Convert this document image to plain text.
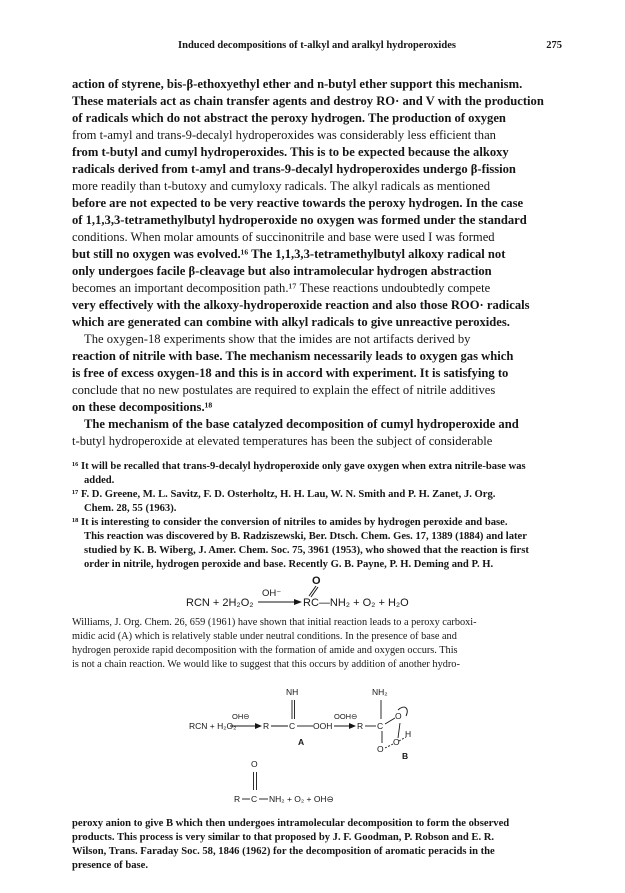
Induced decompositions of t-alkyl and aralkyl hydroperoxides	275
action of styrene, bis-β-ethoxyethyl ether and n-butyl ether support this mechanism.
These materials act as chain transfer agents and destroy RO· and V with the production
of radicals which do not abstract the peroxy hydrogen. The production of oxygen
from t-amyl and trans-9-decalyl hydroperoxides was considerably less efficient than
from t-butyl and cumyl hydroperoxides. This is to be expected because the alkoxy
radicals derived from t-amyl and trans-9-decalyl hydroperoxides undergo β-fission
more readily than t-butoxy and cumyloxy radicals. The alkyl radicals as mentioned
before are not expected to be very reactive towards the peroxy hydrogen. In the case
of 1,1,3,3-tetramethylbutyl hydroperoxide no oxygen was formed under the standard
conditions. When molar amounts of succinonitrile and base were used I was formed
but still no oxygen was evolved.¹⁶ The 1,1,3,3-tetramethylbutyl alkoxy radical not
only undergoes facile β-cleavage but also intramolecular hydrogen abstraction
becomes an important decomposition path.¹⁷ These reactions undoubtedly compete
very effectively with the alkoxy-hydroperoxide reaction and also those ROO· radicals
which are generated can combine with alkyl radicals to give unreactive peroxides.
The oxygen-18 experiments show that the imides are not artifacts derived by
reaction of nitrile with base. The mechanism necessarily leads to oxygen gas which
is free of excess oxygen-18 and this is in accord with experiment. It is satisfying to
conclude that no new postulates are required to explain the effect of nitrile additives
on these decompositions.¹⁸
The mechanism of the base catalyzed decomposition of cumyl hydroperoxide and
t-butyl hydroperoxide at elevated temperatures has been the subject of considerable
¹⁶ It will be recalled that trans-9-decalyl hydroperoxide only gave oxygen when extra nitrile-base was
added.
¹⁷ F. D. Greene, M. L. Savitz, F. D. Osterholtz, H. H. Lau, W. N. Smith and P. H. Zanet, J. Org.
Chem. 28, 55 (1963).
¹⁸ It is interesting to consider the conversion of nitriles to amides by hydrogen peroxide and base.
This reaction was discovered by B. Radziszewski, Ber. Dtsch. Chem. Ges. 17, 1389 (1884) and later
studied by K. B. Wiberg, J. Amer. Chem. Soc. 75, 3961 (1953), who showed that the reaction is first
order in nitrile, hydrogen peroxide and base. Recently G. B. Payne, P. H. Deming and P. H.
O
RCN + 2H₂O₂
OH⁻
RC—NH₂ + O₂ + H₂O
RCN + H₂O₂
OH⊖
R C
NH
OOH
OOH⊖
A
R C
NH₂
O
O
O
H
B
O
R C NH₂ + O₂ + OH⊖
Williams, J. Org. Chem. 26, 659 (1961) have shown that initial reaction leads to a peroxy carboxi-
midic acid (A) which is relatively stable under neutral conditions. In the presence of base and
hydrogen peroxide rapid decomposition with the formation of amide and oxygen occurs. This
is not a chain reaction. We would like to suggest that this occurs by addition of another hydro-
peroxy anion to give B which then undergoes intramolecular decomposition to form the observed
products. This process is very similar to that proposed by J. F. Goodman, P. Robson and E. R.
Wilson, Trans. Faraday Soc. 58, 1846 (1962) for the decomposition of aromatic peracids in the
presence of base.
